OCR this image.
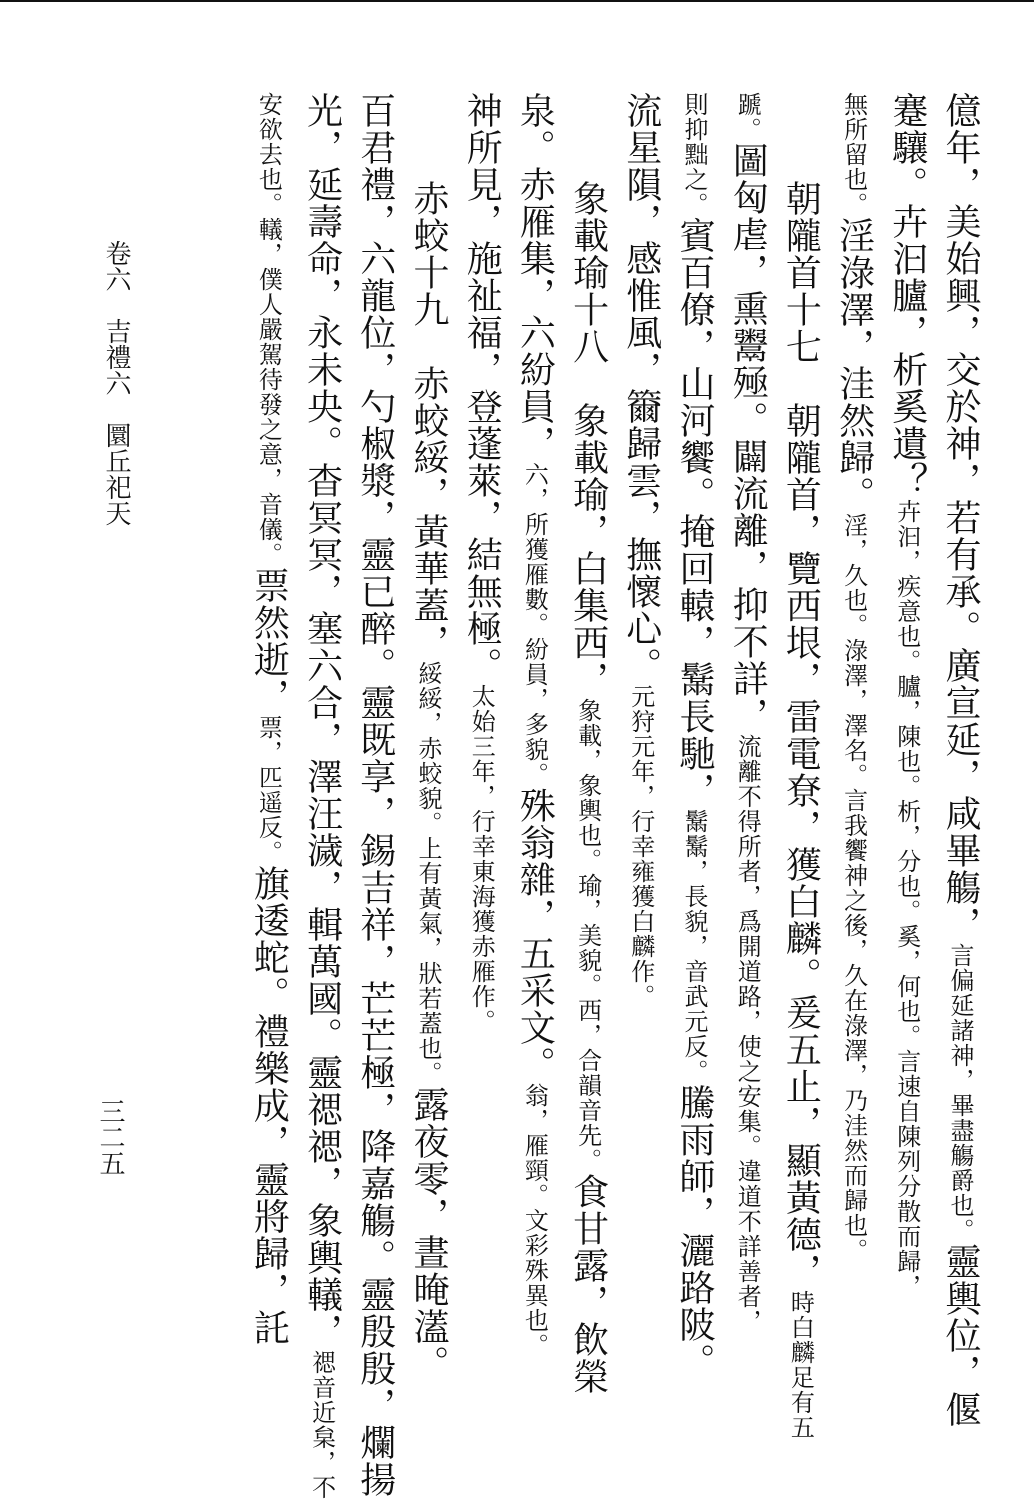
億年，美始興，交於神，若有承。廣宣延，咸畢觴，言偏延諸神，畢盡觴爵也。靈輿位，偃
蹇驤。卉汩臚，析奚遺？卉汩，疾意也。臚，陳也。析，分也。奚，何也。言速自陳列分散而歸，
無所留也。淫淥澤，洼然歸。淫，久也。淥澤，澤名。言我饗神之後，久在淥澤，乃洼然而歸也。
朝隴首十七　朝隴首，覽西垠，雷電尞，獲白麟。爰五止，顯黃德，時白麟足有五
蹏。圖匈虐，熏鬻殛。闢流離，抑不詳，流離不得所者，爲開道路，使之安集。違道不詳善者，
則抑黜之。賓百僚，山河饗。掩回轅，鬗長馳，鬗鬗，長貌，音武元反。騰雨師，灑路陂。
流星隕，感惟風，籋歸雲，撫懷心。元狩元年，行幸雍獲白麟作。
象載瑜十八　象載瑜，白集西，象載，象輿也。瑜，美貌。西，合韻音先。食甘露，飲榮
泉。赤雁集，六紛員，六，所獲雁數。紛員，多貌。殊翁雜，五采文。翁，雁頸。文彩殊異也。
神所見，施祉福，登蓬萊，結無極。太始三年，行幸東海獲赤雁作。
赤蛟十九　赤蛟綏，黃華蓋，綏綏，赤蛟貌。上有黃氣，狀若蓋也。露夜零，晝晻濭。
百君禮，六龍位，勺椒漿，靈已醉。靈既享，錫吉祥，芒芒極，降嘉觴。靈殷殷，爛揚
光，延壽命，永未央。杳冥冥，塞六合，澤汪濊，輯萬國。靈禗禗，象輿轙，禗音近枲，不
安欲去也。轙，僕人嚴駕待發之意，音儀。票然逝，票，匹遥反。旗逶蛇。禮樂成，靈將歸，託
卷六　吉禮六　圜丘祀天
三二五
